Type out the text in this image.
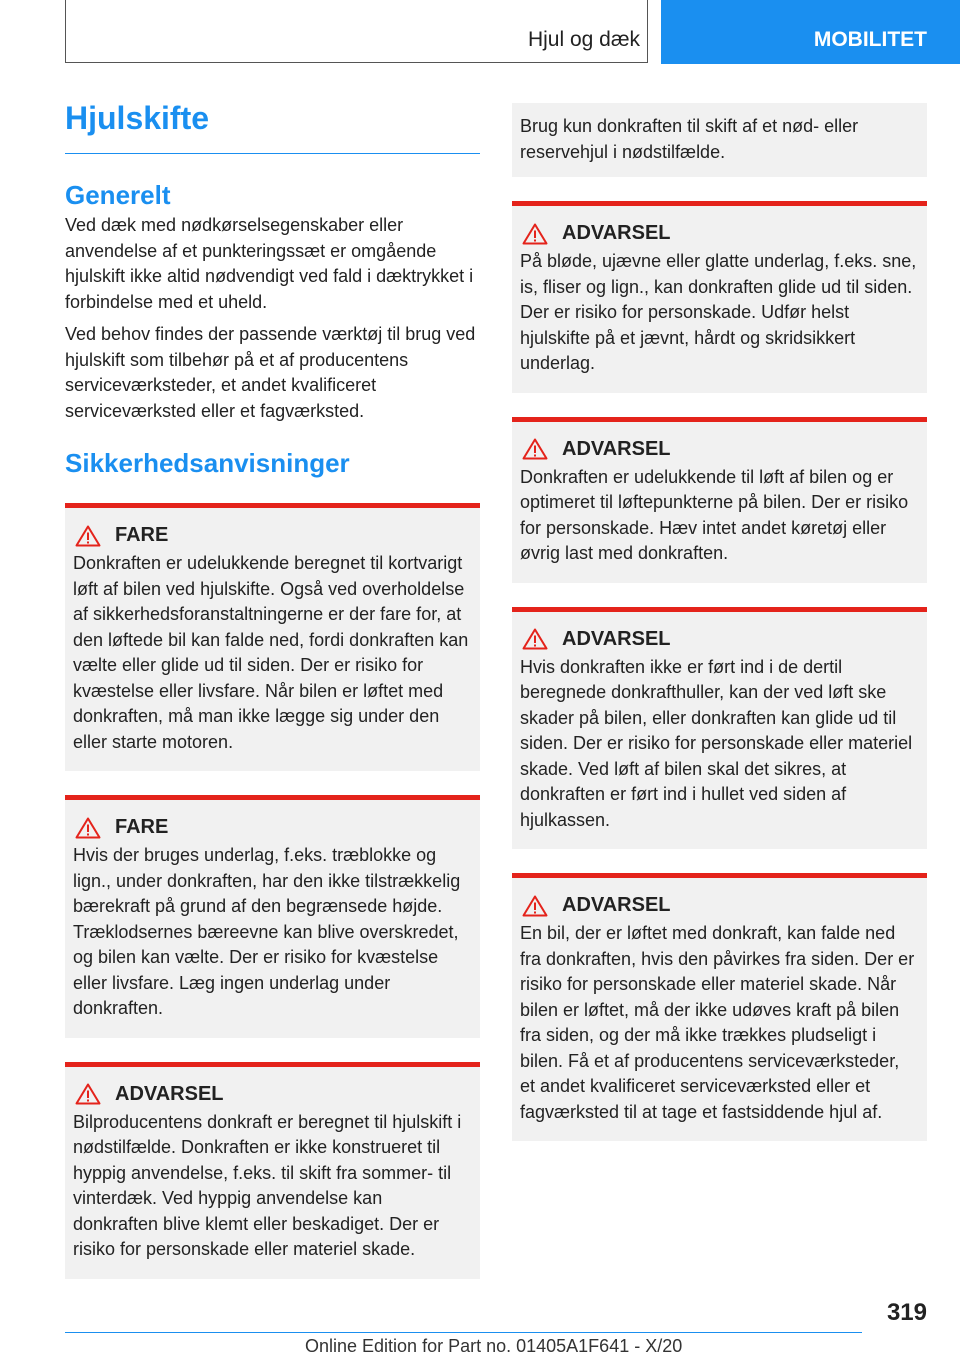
Hjul og dæk	MOBILITET
Hjulskifte
Generelt

Ved dæk med nødkørselsegenskaber eller anvendelse af et punkteringssæt er omgående hjulskift ikke altid nødvendigt ved fald i dæktrykket i forbindelse med et uheld.

Ved behov findes der passende værktøj til brug ved hjulskift som tilbehør på et af producentens serviceværksteder, et andet kvalificeret serviceværksted eller et fagværksted.

Sikkerhedsanvisninger
FARE

Donkraften er udelukkende beregnet til kortvarigt løft af bilen ved hjulskifte. Også ved overholdelse af sikkerhedsforanstaltningerne er der fare for, at den løftede bil kan falde ned, fordi donkraften kan vælte eller glide ud til siden. Der er risiko for kvæstelse eller livsfare. Når bilen er løftet med donkraften, må man ikke lægge sig under den eller starte motoren.

FARE

Hvis der bruges underlag, f.eks. træblokke og lign., under donkraften, har den ikke tilstrækkelig bærekraft på grund af den begrænsede højde. Træklodsernes bæreevne kan blive overskredet, og bilen kan vælte. Der er risiko for kvæstelse eller livsfare. Læg ingen underlag under donkraften.

ADVARSEL

Bilproducentens donkraft er beregnet til hjulskift i nødstilfælde. Donkraften er ikke konstrueret til hyppig anvendelse, f.eks. til skift fra sommer- til vinterdæk. Ved hyppig anvendelse kan donkraften blive klemt eller beskadiget. Der er risiko for personskade eller materiel skade.

Brug kun donkraften til skift af et nød- eller reservehjul i nødstilfælde.
ADVARSEL

På bløde, ujævne eller glatte underlag, f.eks. sne, is, fliser og lign., kan donkraften glide ud til siden. Der er risiko for personskade. Udfør helst hjulskifte på et jævnt, hårdt og skridsikkert underlag.

ADVARSEL

Donkraften er udelukkende til løft af bilen og er optimeret til løftepunkterne på bilen. Der er risiko for personskade. Hæv intet andet køretøj eller øvrig last med donkraften.

ADVARSEL

Hvis donkraften ikke er ført ind i de dertil beregnede donkrafthuller, kan der ved løft ske skader på bilen, eller donkraften kan glide ud til siden. Der er risiko for personskade eller materiel skade. Ved løft af bilen skal det sikres, at donkraften er ført ind i hullet ved siden af hjulkassen.

ADVARSEL

En bil, der er løftet med donkraft, kan falde ned fra donkraften, hvis den påvirkes fra siden. Der er risiko for personskade eller materiel skade. Når bilen er løftet, må der ikke udøves kraft på bilen fra siden, og der må ikke trækkes pludseligt i bilen. Få et af producentens serviceværksteder, et andet kvalificeret serviceværksted eller et fagværksted til at tage et fastsiddende hjul af.

319
Online Edition for Part no. 01405A1F641 - X/20
